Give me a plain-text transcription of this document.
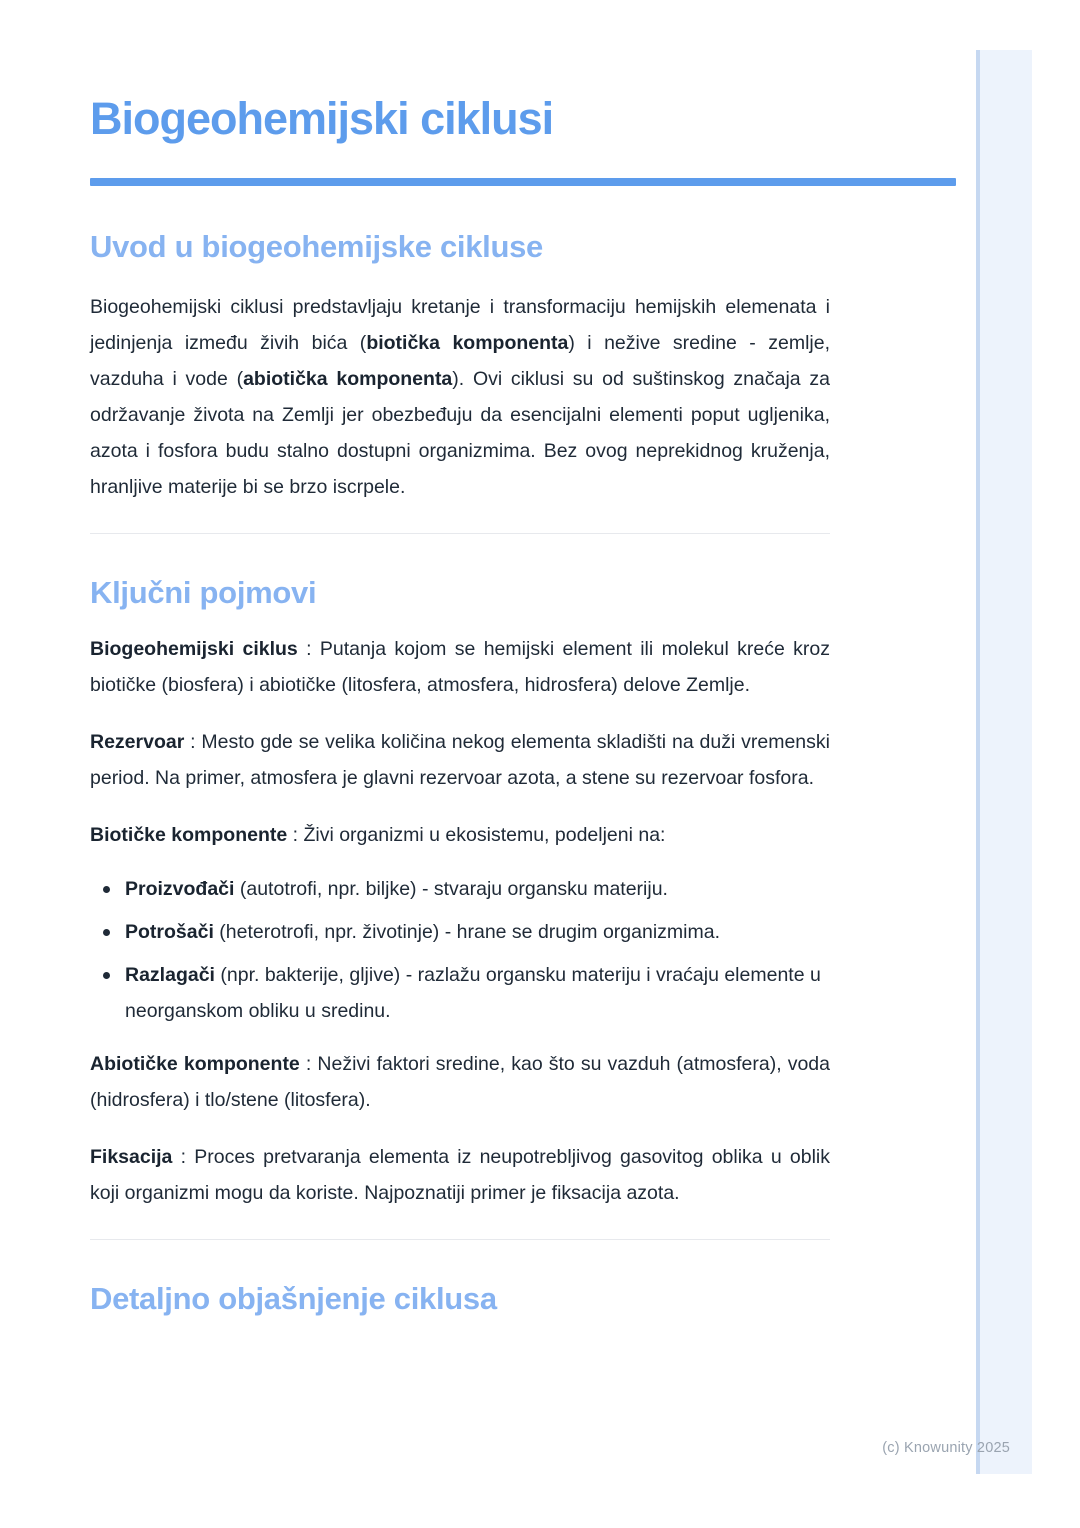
Biogeohemijski ciklusi
Uvod u biogeohemijske cikluse

Biogeohemijski ciklusi predstavljaju kretanje i transformaciju hemijskih elemenata i jedinjenja između živih bića (biotička komponenta) i nežive sredine - zemlje, vazduha i vode (abiotička komponenta). Ovi ciklusi su od suštinskog značaja za održavanje života na Zemlji jer obezbeđuju da esencijalni elementi poput ugljenika, azota i fosfora budu stalno dostupni organizmima. Bez ovog neprekidnog kruženja, hranljive materije bi se brzo iscrpele.

Ključni pojmovi

Biogeohemijski ciklus : Putanja kojom se hemijski element ili molekul kreće kroz biotičke (biosfera) i abiotičke (litosfera, atmosfera, hidrosfera) delove Zemlje.

Rezervoar : Mesto gde se velika količina nekog elementa skladišti na duži vremenski period. Na primer, atmosfera je glavni rezervoar azota, a stene su rezervoar fosfora.

Biotičke komponente : Živi organizmi u ekosistemu, podeljeni na:

Proizvođači (autotrofi, npr. biljke) - stvaraju organsku materiju.
Potrošači (heterotrofi, npr. životinje) - hrane se drugim organizmima.
Razlagači (npr. bakterije, gljive) - razlažu organsku materiju i vraćaju elemente u neorganskom obliku u sredinu.

Abiotičke komponente : Neživi faktori sredine, kao što su vazduh (atmosfera), voda (hidrosfera) i tlo/stene (litosfera).

Fiksacija : Proces pretvaranja elementa iz neupotrebljivog gasovitog oblika u oblik koji organizmi mogu da koriste. Najpoznatiji primer je fiksacija azota.

Detaljno objašnjenje ciklusa
(c) Knowunity 2025
